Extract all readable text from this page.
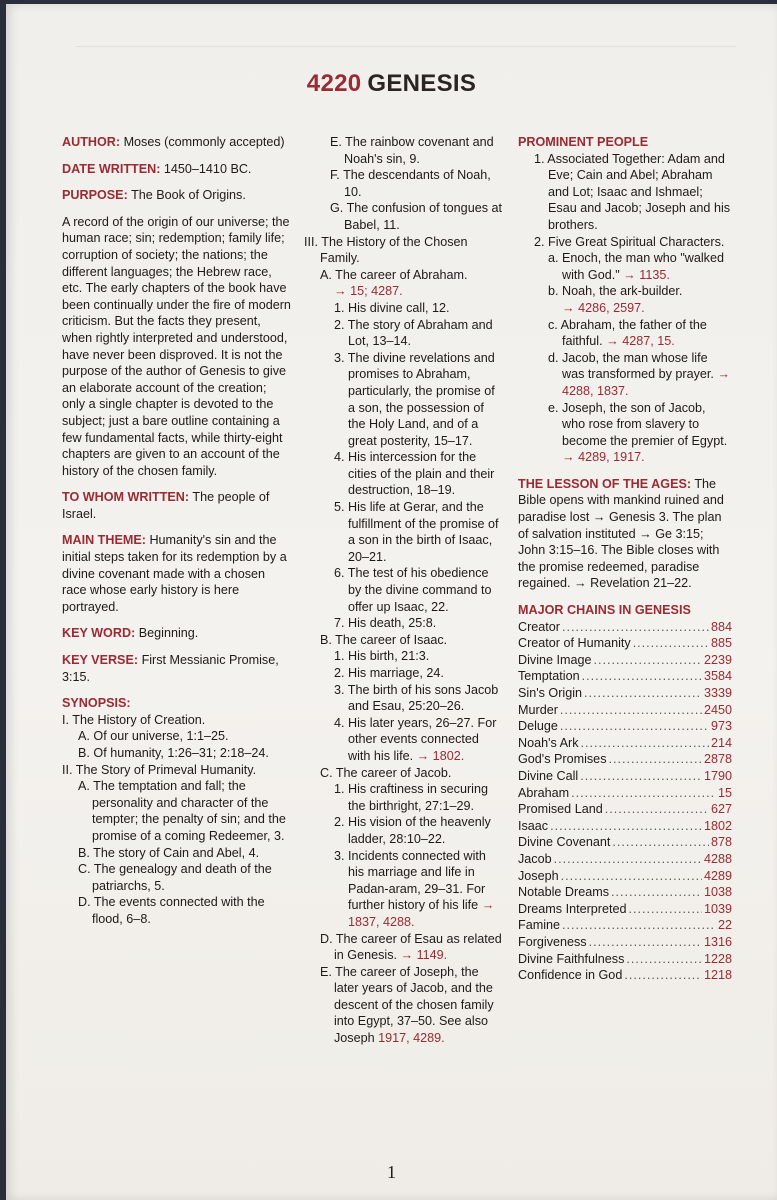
4220 GENESIS

AUTHOR: Moses (commonly accepted)

DATE WRITTEN: 1450–1410 BC.

PURPOSE: The Book of Origins.

A record of the origin of our universe; the human race; sin; redemption; family life; corruption of society; the nations; the different languages; the Hebrew race, etc. The early chapters of the book have been continually under the fire of modern criticism. But the facts they present, when rightly interpreted and understood, have never been disproved. It is not the purpose of the author of Genesis to give an elaborate account of the creation; only a single chapter is devoted to the subject; just a bare outline containing a few fundamental facts, while thirty-eight chapters are given to an account of the history of the chosen family.

TO WHOM WRITTEN: The people of Israel.

MAIN THEME: Humanity's sin and the initial steps taken for its redemption by a divine covenant made with a chosen race whose early history is here portrayed.

KEY WORD: Beginning.

KEY VERSE: First Messianic Promise, 3:15.

SYNOPSIS:
I. The History of Creation.
A. Of our universe, 1:1–25.
B. Of humanity, 1:26–31; 2:18–24.
II. The Story of Primeval Humanity.
A. The temptation and fall; the personality and character of the tempter; the penalty of sin; and the promise of a coming Redeemer, 3.
B. The story of Cain and Abel, 4.
C. The genealogy and death of the patriarchs, 5.
D. The events connected with the flood, 6–8.
E. The rainbow covenant and Noah's sin, 9.
F. The descendants of Noah, 10.
G. The confusion of tongues at Babel, 11.
III. The History of the Chosen Family.
A. The career of Abraham.
→ 15; 4287.
1. His divine call, 12.
2. The story of Abraham and Lot, 13–14.
3. The divine revelations and promises to Abraham, particularly, the promise of a son, the possession of the Holy Land, and of a great posterity, 15–17.
4. His intercession for the cities of the plain and their destruction, 18–19.
5. His life at Gerar, and the fulfillment of the promise of a son in the birth of Isaac, 20–21.
6. The test of his obedience by the divine command to offer up Isaac, 22.
7. His death, 25:8.
B. The career of Isaac.
1. His birth, 21:3.
2. His marriage, 24.
3. The birth of his sons Jacob and Esau, 25:20–26.
4. His later years, 26–27. For other events connected with his life. → 1802.
C. The career of Jacob.
1. His craftiness in securing the birthright, 27:1–29.
2. His vision of the heavenly ladder, 28:10–22.
3. Incidents connected with his marriage and life in Padan-aram, 29–31. For further history of his life → 1837, 4288.
D. The career of Esau as related in Genesis. → 1149.
E. The career of Joseph, the later years of Jacob, and the descent of the chosen family into Egypt, 37–50. See also Joseph 1917, 4289.
PROMINENT PEOPLE
1. Associated Together: Adam and Eve; Cain and Abel; Abraham and Lot; Isaac and Ishmael; Esau and Jacob; Joseph and his brothers.
2. Five Great Spiritual Characters.
a. Enoch, the man who "walked with God." → 1135.
b. Noah, the ark-builder.
→ 4286, 2597.
c. Abraham, the father of the faithful. → 4287, 15.
d. Jacob, the man whose life was transformed by prayer. → 4288, 1837.
e. Joseph, the son of Jacob, who rose from slavery to become the premier of Egypt. → 4289, 1917.

THE LESSON OF THE AGES: The Bible opens with mankind ruined and paradise lost → Genesis 3. The plan of salvation instituted → Ge 3:15; John 3:15–16. The Bible closes with the promise redeemed, paradise regained. → Revelation 21–22.

MAJOR CHAINS IN GENESIS
Creator .....	884
Creator of Humanity .....	885
Divine Image .....	2239
Temptation .....	3584
Sin's Origin .....	3339
Murder .....	2450
Deluge .....	973
Noah's Ark .....	214
God's Promises .....	2878
Divine Call .....	1790
Abraham .....	15
Promised Land .....	627
Isaac .....	1802
Divine Covenant .....	878
Jacob .....	4288
Joseph .....	4289
Notable Dreams .....	1038
Dreams Interpreted .....	1039
Famine .....	22
Forgiveness .....	1316
Divine Faithfulness .....	1228
Confidence in God .....	1218
1
